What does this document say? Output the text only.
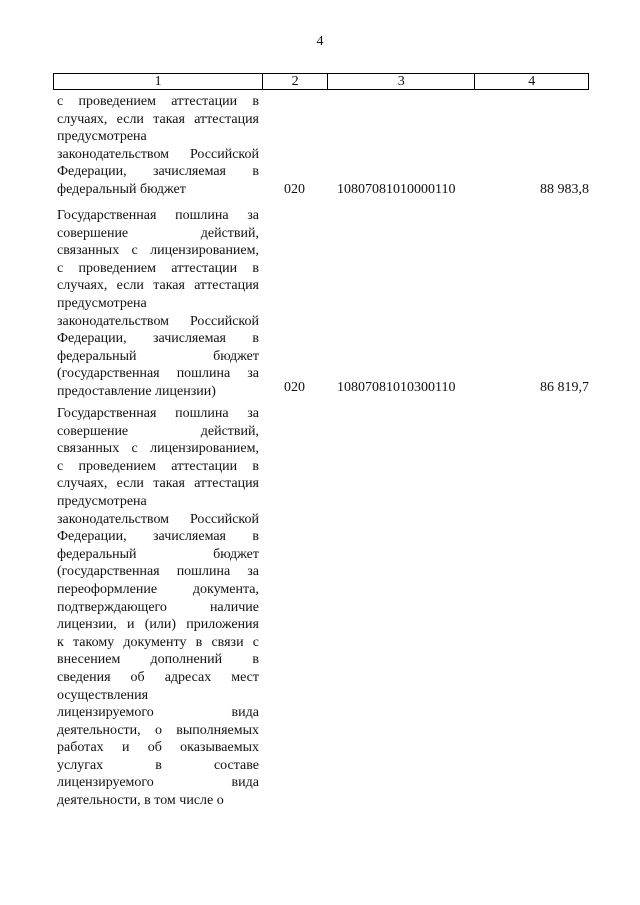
4
1	2	3	4
с проведением аттестации в
случаях, если такая аттестация
предусмотрена
законодательством Российской
Федерации, зачисляемая в
федеральный бюджет	020 10807081010000110	88 983,8
Государственная пошлина за
совершение действий,
связанных с лицензированием,
с проведением аттестации в
случаях, если такая аттестация
предусмотрена
законодательством Российской
Федерации, зачисляемая в
федеральный бюджет
(государственная пошлина за
предоставление лицензии)	020 10807081010300110	86 819,7
Государственная пошлина за
совершение действий,
связанных с лицензированием,
с проведением аттестации в
случаях, если такая аттестация
предусмотрена
законодательством Российской
Федерации, зачисляемая в
федеральный бюджет
(государственная пошлина за
переоформление документа,
подтверждающего наличие
лицензии, и (или) приложения
к такому документу в связи с
внесением дополнений в
сведения об адресах мест
осуществления
лицензируемого вида
деятельности, о выполняемых
работах и об оказываемых
услугах в составе
лицензируемого вида
деятельности, в том числе о
